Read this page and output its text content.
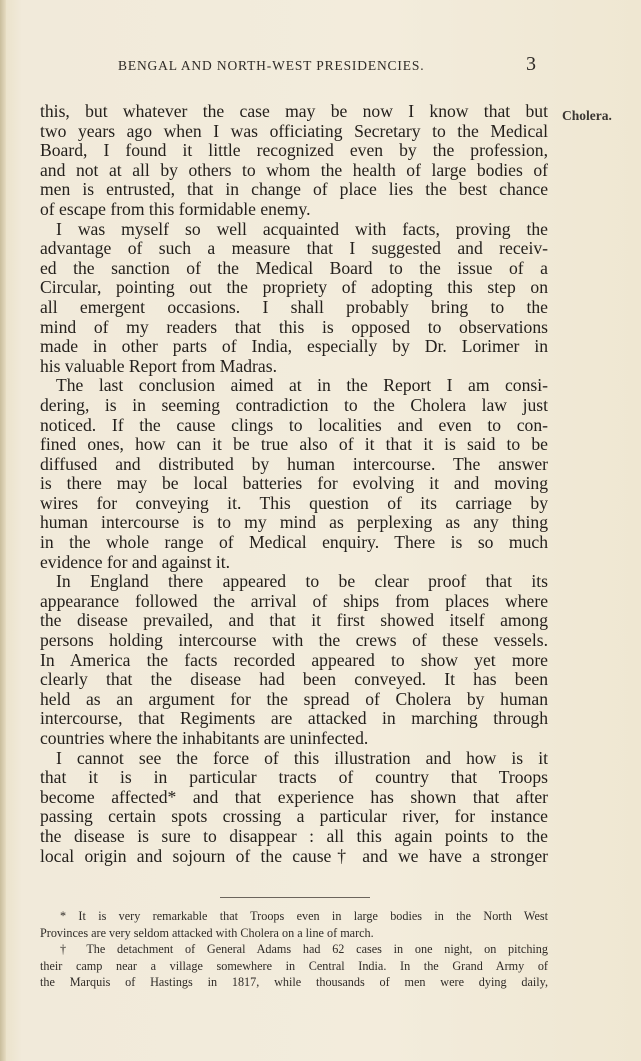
BENGAL AND NORTH-WEST PRESIDENCIES.	3
Cholera.
this, but whatever the case may be now I know that but
two years ago when I was officiating Secretary to the Medical
Board, I found it little recognized even by the profession,
and not at all by others to whom the health of large bodies of
men is entrusted, that in change of place lies the best chance
of escape from this formidable enemy.
I was myself so well acquainted with facts, proving the
advantage of such a measure that I suggested and receiv-
ed the sanction of the Medical Board to the issue of a
Circular, pointing out the propriety of adopting this step on
all emergent occasions. I shall probably bring to the
mind of my readers that this is opposed to observations
made in other parts of India, especially by Dr. Lorimer in
his valuable Report from Madras.
The last conclusion aimed at in the Report I am consi-
dering, is in seeming contradiction to the Cholera law just
noticed. If the cause clings to localities and even to con-
fined ones, how can it be true also of it that it is said to be
diffused and distributed by human intercourse. The answer
is there may be local batteries for evolving it and moving
wires for conveying it. This question of its carriage by
human intercourse is to my mind as perplexing as any thing
in the whole range of Medical enquiry. There is so much
evidence for and against it.
In England there appeared to be clear proof that its
appearance followed the arrival of ships from places where
the disease prevailed, and that it first showed itself among
persons holding intercourse with the crews of these vessels.
In America the facts recorded appeared to show yet more
clearly that the disease had been conveyed. It has been
held as an argument for the spread of Cholera by human
intercourse, that Regiments are attacked in marching through
countries where the inhabitants are uninfected.
I cannot see the force of this illustration and how is it
that it is in particular tracts of country that Troops
become affected* and that experience has shown that after
passing certain spots crossing a particular river, for instance
the disease is sure to disappear : all this again points to the
local origin and sojourn of the cause† and we have a stronger
* It is very remarkable that Troops even in large bodies in the North West
Provinces are very seldom attacked with Cholera on a line of march.
† The detachment of General Adams had 62 cases in one night, on pitching
their camp near a village somewhere in Central India. In the Grand Army of
the Marquis of Hastings in 1817, while thousands of men were dying daily,
